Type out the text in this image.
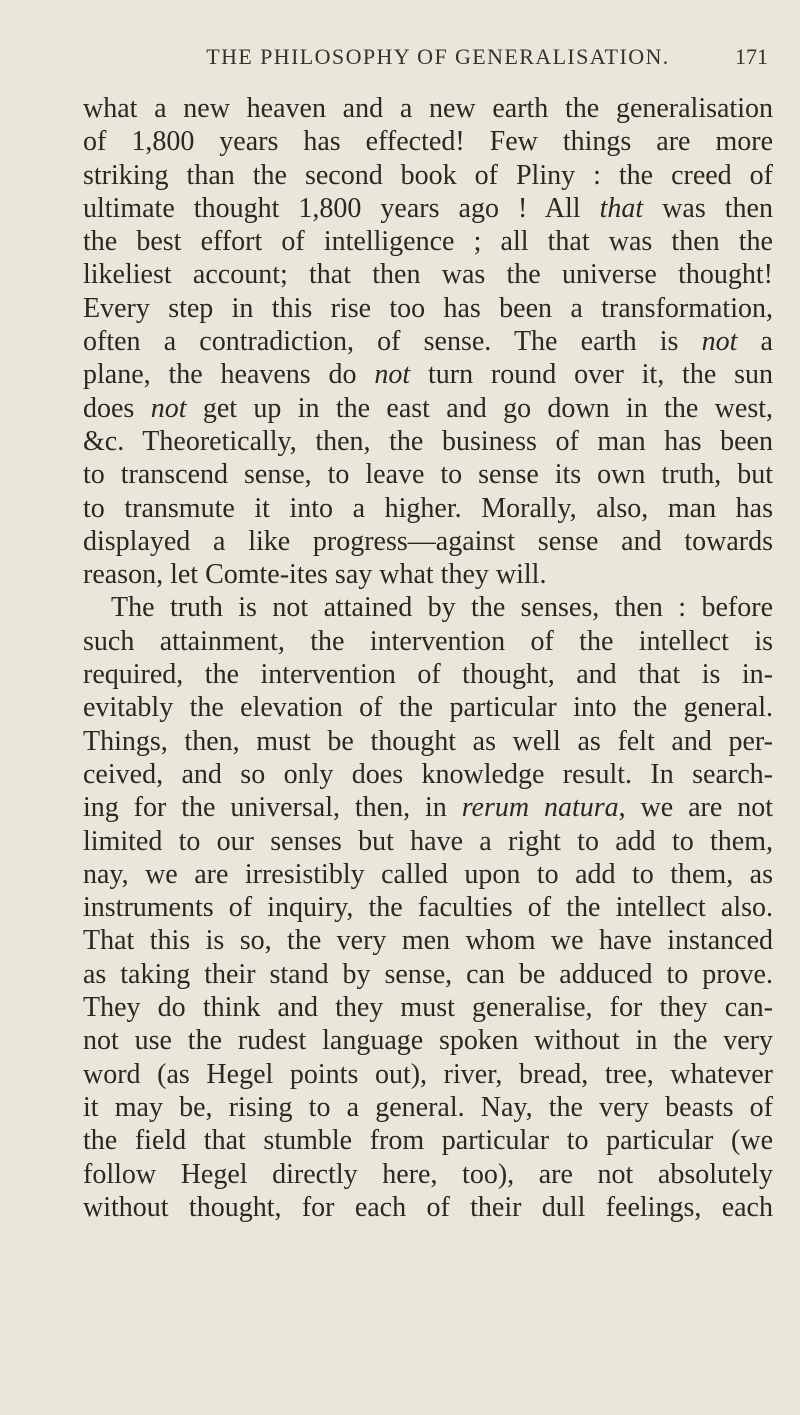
THE PHILOSOPHY OF GENERALISATION.	171
what a new heaven and a new earth the generalisation
of 1,800 years has effected! Few things are more
striking than the second book of Pliny : the creed of
ultimate thought 1,800 years ago ! All that was then
the best effort of intelligence ; all that was then the
likeliest account; that then was the universe thought!
Every step in this rise too has been a transformation,
often a contradiction, of sense. The earth is not a
plane, the heavens do not turn round over it, the sun
does not get up in the east and go down in the west,
&c. Theoretically, then, the business of man has been
to transcend sense, to leave to sense its own truth, but
to transmute it into a higher. Morally, also, man has
displayed a like progress—against sense and towards
reason, let Comte-ites say what they will.
The truth is not attained by the senses, then : before
such attainment, the intervention of the intellect is
required, the intervention of thought, and that is in-
evitably the elevation of the particular into the general.
Things, then, must be thought as well as felt and per-
ceived, and so only does knowledge result. In search-
ing for the universal, then, in rerum natura, we are not
limited to our senses but have a right to add to them,
nay, we are irresistibly called upon to add to them, as
instruments of inquiry, the faculties of the intellect also.
That this is so, the very men whom we have instanced
as taking their stand by sense, can be adduced to prove.
They do think and they must generalise, for they can-
not use the rudest language spoken without in the very
word (as Hegel points out), river, bread, tree, whatever
it may be, rising to a general. Nay, the very beasts of
the field that stumble from particular to particular (we
follow Hegel directly here, too), are not absolutely
without thought, for each of their dull feelings, each
